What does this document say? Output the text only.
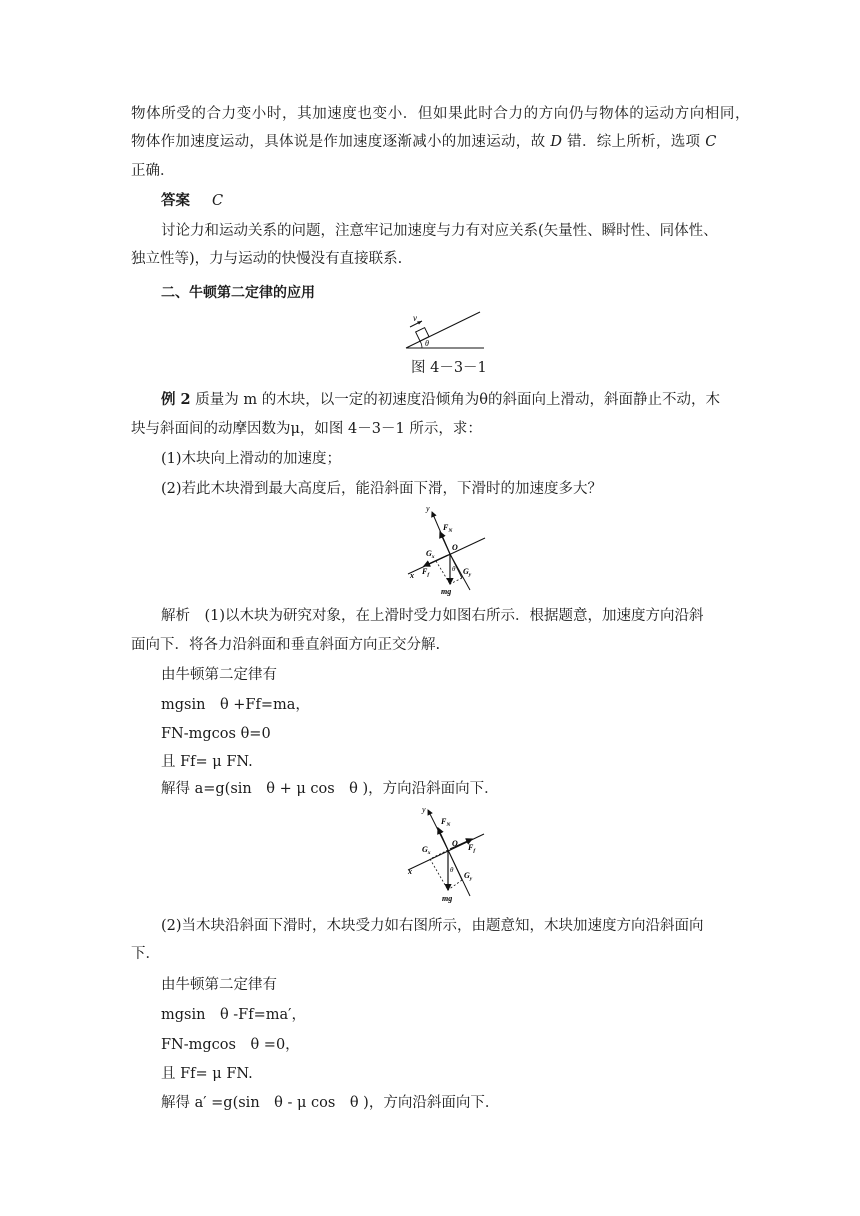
物体所受的合力变小时，其加速度也变小．但如果此时合力的方向仍与物体的运动方向相同，
物体作加速度运动，具体说是作加速度逐渐减小的加速运动，故 D 错．综上所析，选项 C
正确．
答案 C
讨论力和运动关系的问题，注意牢记加速度与力有对应关系(矢量性、瞬时性、同体性、
独立性等)，力与运动的快慢没有直接联系.
二、牛顿第二定律的应用
v
θ
图 4－3－1
例 2 质量为 m 的木块，以一定的初速度沿倾角为θ的斜面向上滑动，斜面静止不动，木
块与斜面间的动摩因数为μ，如图 4－3－1 所示，求：
(1)木块向上滑动的加速度；
(2)若此木块滑到最大高度后，能沿斜面下滑，下滑时的加速度多大？
y
$F_N$
O
$G_x$
x $F_f$
θ $G_y$
mg
解析　(1)以木块为研究对象，在上滑时受力如图右所示．根据题意，加速度方向沿斜
面向下．将各力沿斜面和垂直斜面方向正交分解.
由牛顿第二定律有
mgsin　θ +Ff=ma，
FN-mgcos θ=0
且 Ff= μ FN.
解得 a=g(sin　θ + μ cos　θ )，方向沿斜面向下．
y
$F_N$
O $F_f$
$G_x$
x	θ
$G_y$
mg
(2)当木块沿斜面下滑时，木块受力如右图所示，由题意知，木块加速度方向沿斜面向
下．
由牛顿第二定律有
mgsin　θ -Ff=ma′，
FN-mgcos　θ =0，
且 Ff= μ FN.
解得 a′ =g(sin　θ - μ cos　θ )，方向沿斜面向下．
